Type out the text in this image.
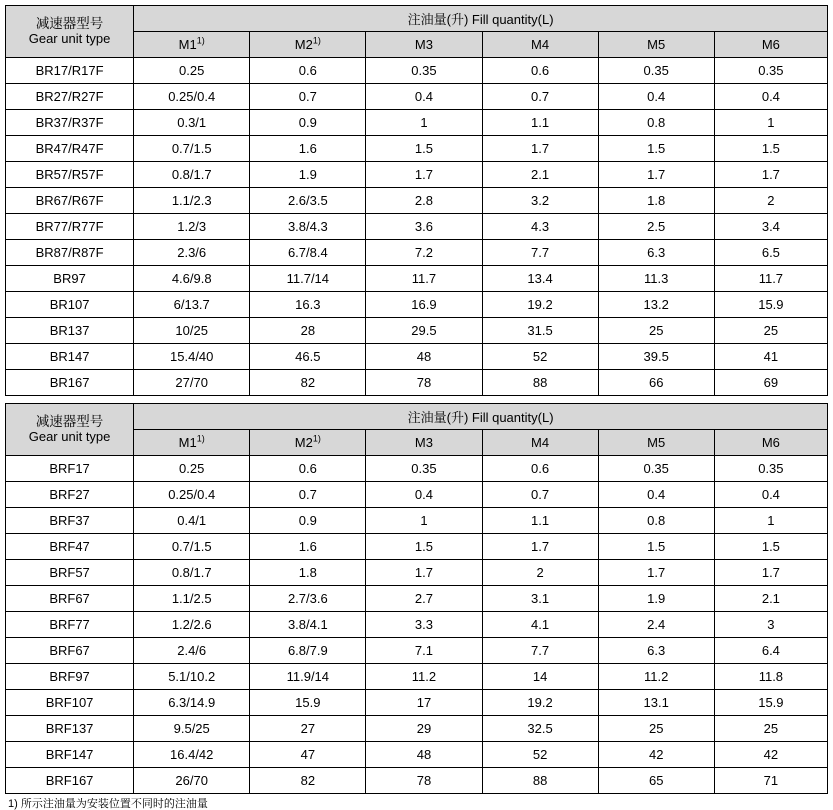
减速器型号
Gear unit type	注油量(升) Fill quantity(L)					
	M1$^{1)}$	M2$^{1)}$	M3	M4	M5	M6
BR17/R17F	0.25	0.6	0.35	0.6	0.35	0.35
BR27/R27F	0.25/0.4	0.7	0.4	0.7	0.4	0.4
BR37/R37F	0.3/1	0.9	1	1.1	0.8	1
BR47/R47F	0.7/1.5	1.6	1.5	1.7	1.5	1.5
BR57/R57F	0.8/1.7	1.9	1.7	2.1	1.7	1.7
BR67/R67F	1.1/2.3	2.6/3.5	2.8	3.2	1.8	2
BR77/R77F	1.2/3	3.8/4.3	3.6	4.3	2.5	3.4
BR87/R87F	2.3/6	6.7/8.4	7.2	7.7	6.3	6.5
BR97	4.6/9.8	11.7/14	11.7	13.4	11.3	11.7
BR107	6/13.7	16.3	16.9	19.2	13.2	15.9
BR137	10/25	28	29.5	31.5	25	25
BR147	15.4/40	46.5	48	52	39.5	41
BR167	27/70	82	78	88	66	69
减速器型号
Gear unit type	注油量(升) Fill quantity(L)					
	M1$^{1)}$	M2$^{1)}$	M3	M4	M5	M6
BRF17	0.25	0.6	0.35	0.6	0.35	0.35
BRF27	0.25/0.4	0.7	0.4	0.7	0.4	0.4
BRF37	0.4/1	0.9	1	1.1	0.8	1
BRF47	0.7/1.5	1.6	1.5	1.7	1.5	1.5
BRF57	0.8/1.7	1.8	1.7	2	1.7	1.7
BRF67	1.1/2.5	2.7/3.6	2.7	3.1	1.9	2.1
BRF77	1.2/2.6	3.8/4.1	3.3	4.1	2.4	3
BRF67	2.4/6	6.8/7.9	7.1	7.7	6.3	6.4
BRF97	5.1/10.2	11.9/14	11.2	14	11.2	11.8
BRF107	6.3/14.9	15.9	17	19.2	13.1	15.9
BRF137	9.5/25	27	29	32.5	25	25
BRF147	16.4/42	47	48	52	42	42
BRF167	26/70	82	78	88	65	71
1) 所示注油量为安装位置不同时的注油量
